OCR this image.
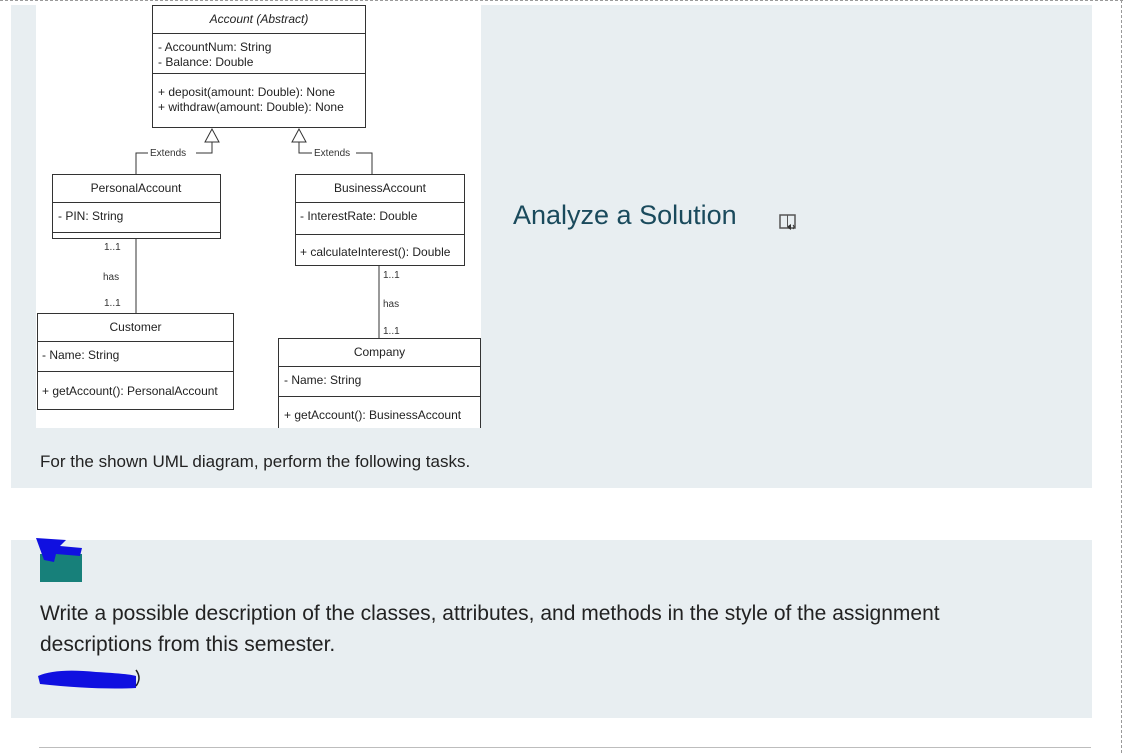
Account (Abstract)
- AccountNum: String
- Balance: Double
+ deposit(amount: Double): None
+ withdraw(amount: Double): None
Extends	Extends
PersonalAccount
- PIN: String
BusinessAccount
- InterestRate: Double
+ calculateInterest(): Double
1..1
has
1..1
1..1
has
1..1
Customer
- Name: String
+ getAccount(): PersonalAccount
Company
- Name: String
+ getAccount(): BusinessAccount
Analyze a Solution
For the shown UML diagram, perform the following tasks.
Write a possible description of the classes, attributes, and methods in the style of the assignment descriptions from this semester.
